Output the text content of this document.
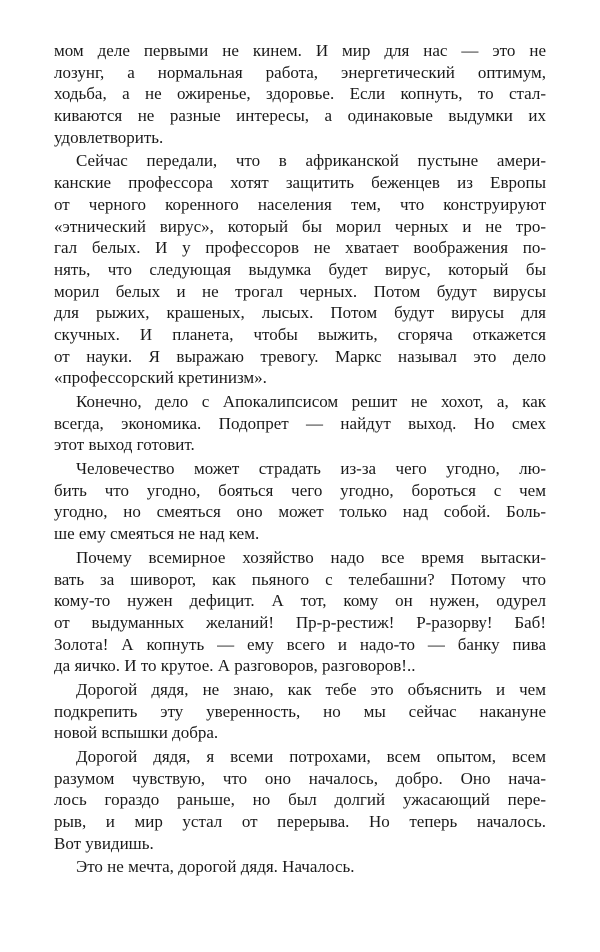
мом деле первыми не кинем. И мир для нас — это не
лозунг, а нормальная работа, энергетический оптимум,
ходьба, а не ожиренье, здоровье. Если копнуть, то стал-
киваются не разные интересы, а одинаковые выдумки их
удовлетворить.
Сейчас передали, что в африканской пустыне амери-
канские профессора хотят защитить беженцев из Европы
от черного коренного населения тем, что конструируют
«этнический вирус», который бы морил черных и не тро-
гал белых. И у профессоров не хватает воображения по-
нять, что следующая выдумка будет вирус, который бы
морил белых и не трогал черных. Потом будут вирусы
для рыжих, крашеных, лысых. Потом будут вирусы для
скучных. И планета, чтобы выжить, сгоряча откажется
от науки. Я выражаю тревогу. Маркс называл это дело
«профессорский кретинизм».
Конечно, дело с Апокалипсисом решит не хохот, а, как
всегда, экономика. Подопрет — найдут выход. Но смех
этот выход готовит.
Человечество может страдать из-за чего угодно, лю-
бить что угодно, бояться чего угодно, бороться с чем
угодно, но смеяться оно может только над собой. Боль-
ше ему смеяться не над кем.
Почему всемирное хозяйство надо все время вытаски-
вать за шиворот, как пьяного с телебашни? Потому что
кому-то нужен дефицит. А тот, кому он нужен, одурел
от выдуманных желаний! Пр-р-рестиж! Р-разорву! Баб!
Золота! А копнуть — ему всего и надо-то — банку пива
да яичко. И то крутое. А разговоров, разговоров!..
Дорогой дядя, не знаю, как тебе это объяснить и чем
подкрепить эту уверенность, но мы сейчас накануне
новой вспышки добра.
Дорогой дядя, я всеми потрохами, всем опытом, всем
разумом чувствую, что оно началось, добро. Оно нача-
лось гораздо раньше, но был долгий ужасающий пере-
рыв, и мир устал от перерыва. Но теперь началось.
Вот увидишь.
Это не мечта, дорогой дядя. Началось.
